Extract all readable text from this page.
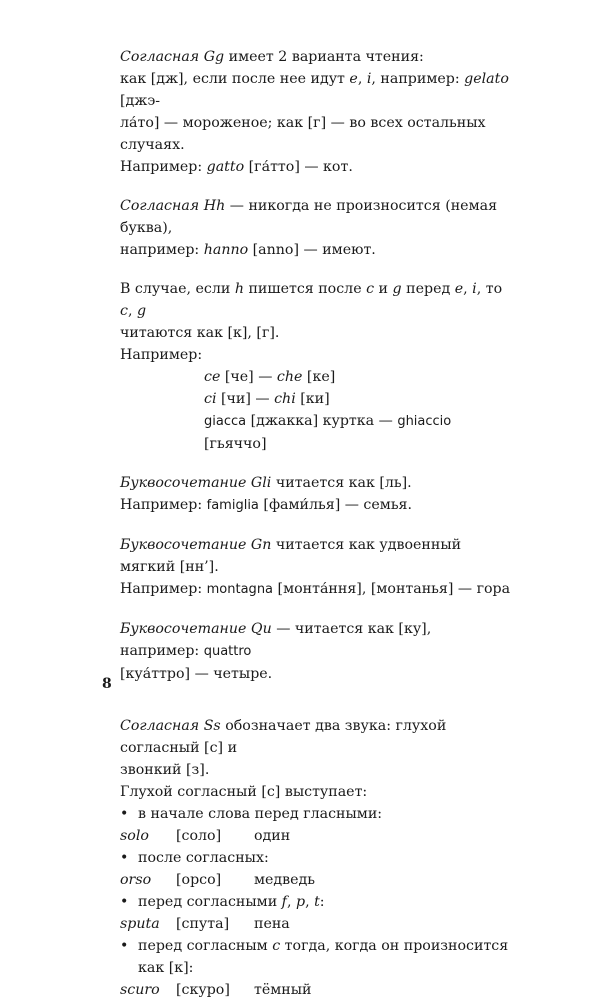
Согласная Gg имеет 2 варианта чтения:

как [дж], если после нее идут e, i, например: gelato [джэ-

ла́то] — мороженое; как [г] — во всех остальных случаях.

Например: gatto [га́тто] — кот.

Согласная Hh — никогда не произносится (немая буква),

например: hanno [anno] — имеют.

В случае, если h пишется после c и g перед e, i, то c, g

читаются как [к], [г].

Например:

ce [че] — che [ке]

ci [чи] — chi [ки]

giacca [джакка] куртка — ghiaccio [гьяччо]

Буквосочетание Gli читается как [ль].

Например: famiglia [фами́лья] — семья.

Буквосочетание Gn читается как удвоенный мягкий [нн’].

Например: montagna [монта́ння], [монтанья] — гора

Буквосочетание Qu — читается как [ку], например: quattro

[куа́ттро] — четыре.

Согласная Ss обозначает два звука: глухой согласный [с] и

звонкий [з].

Глухой согласный [с] выступает:

• в начале слова перед гласными:

solo	[соло]	один

• после согласных:

orso	[орсо]	медведь

• перед согласными f, p, t:

sputa	[спута]	пена

• перед согласным c тогда, когда он произносится как [к]:

scuro	[скуро]	тёмный
8
